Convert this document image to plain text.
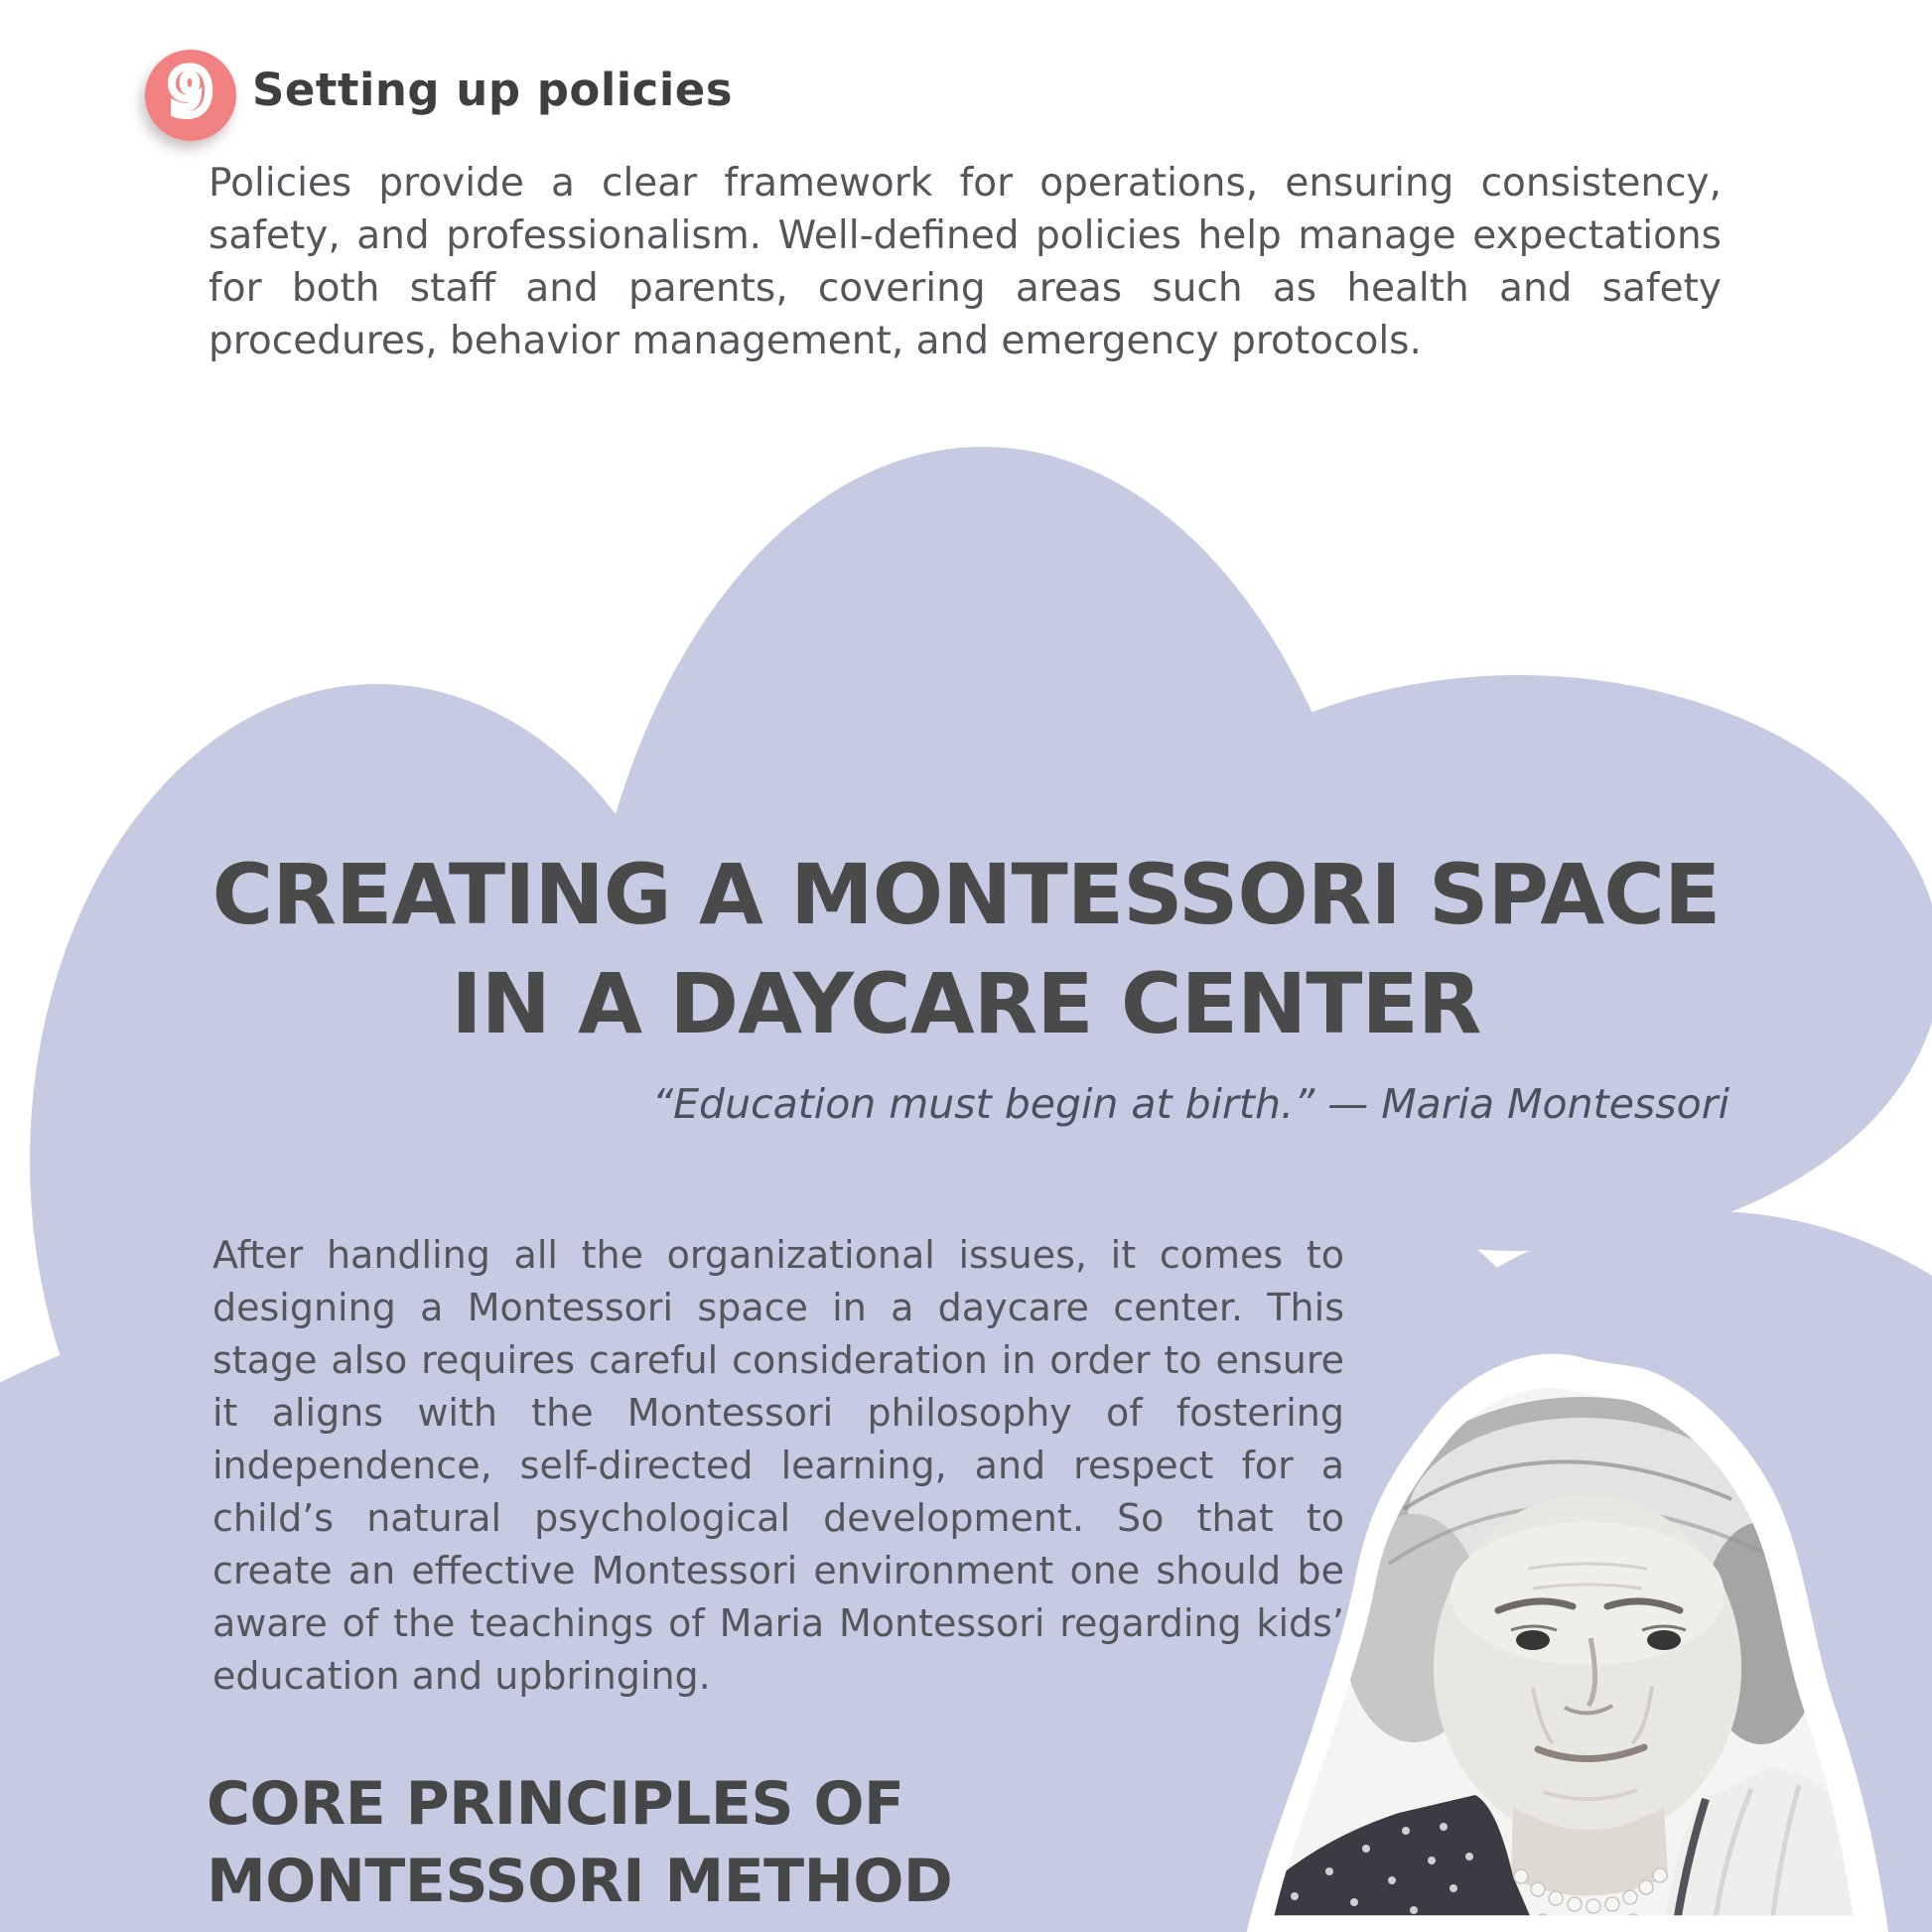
9 Setting up policies
Policies provide a clear framework for operations, ensuring consistency, safety, and professionalism. Well-defined policies help manage expectations for both staff and parents, covering areas such as health and safety procedures, behavior management, and emergency protocols.
CREATING A MONTESSORI SPACE
IN A DAYCARE CENTER
“Education must begin at birth.” — Maria Montessori
After handling all the organizational issues, it comes to designing a Montessori space in a daycare center. This stage also requires careful consideration in order to ensure it aligns with the Montessori philosophy of fostering independence, self-directed learning, and respect for a child’s natural psychological development. So that to create an effective Montessori environment one should be aware of the teachings of Maria Montessori regarding kids’ education and upbringing.
CORE PRINCIPLES OF
MONTESSORI METHOD
